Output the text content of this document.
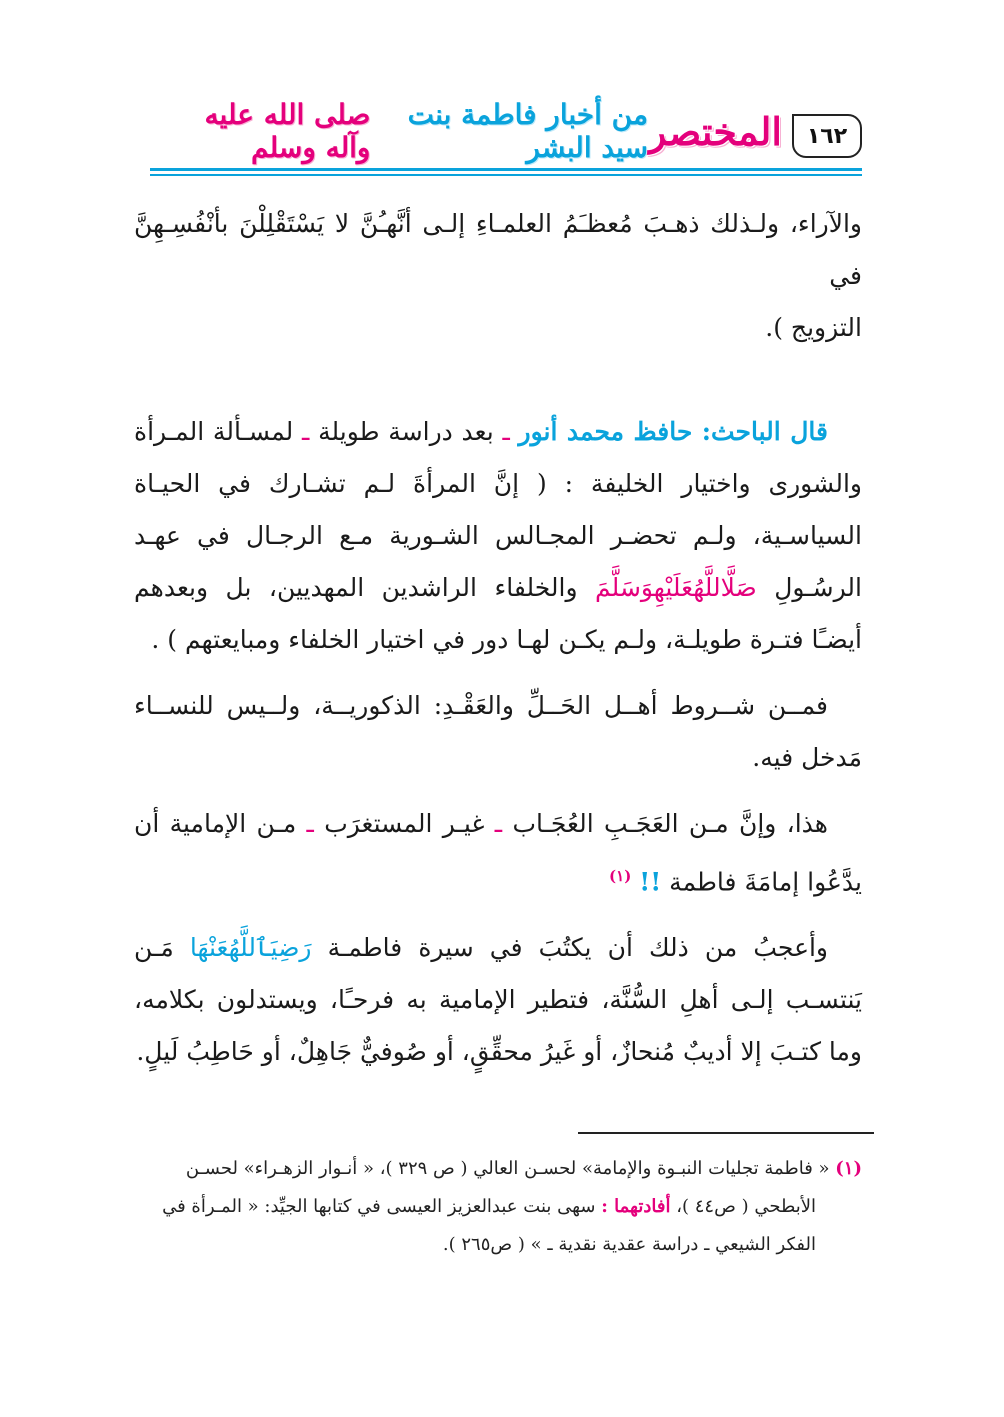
١٦٢
المختصر
من أخبار فاطمة بنت سيد البشر
صلى الله عليه وآله وسلم

والآراء، ولـذلك ذهـبَ مُعظـَمُ العلمـاءِ إلـى أنَّهـُنَّ لا يَسْتَقْلِلْنَ بأنْفُسِـهِنَّ في
التزويج ).

قال الباحث: حافظ محمد أنور ـ بعد دراسة طويلة ـ لمسـألة المـرأة والشورى واختيار الخليفة : ( إنَّ المرأةَ لـم تشـارك في الحيـاة السياسـية، ولـم تحضـر المجـالس الشـورية مـع الرجـال في عهـد الرسُـولِ صَلَّاللَّهُعَلَيْهِوَسَلَّمَ والخلفاء الراشدين المهديين، بل وبعدهم أيضـًا فتـرة طويلـة، ولـم يكـن لهـا دور في اختيار الخلفاء ومبايعتهم ) .

فمــن شــروط أهــل الحَــلِّ والعَقْـدِ: الذكوريــة، ولــيس للنســاء مَدخل فيه.

هذا، وإنَّ مـن العَجَـبِ العُجَـاب ـ غيـر المستغرَب ـ مـن الإمامية أن يدَّعُوا إمامَةَ فاطمة !! $^{(١)}$

وأعجبُ من ذلك أن يكتُبَ في سيرة فاطمـة رَضِيَٱللَّهُعَنْهَا مَـن يَنتسـب إلـى أهلِ السُّنَّة، فتطير الإمامية به فرحـًا، ويستدلون بكلامه، وما كتـبَ إلا أديبٌ مُنحازٌ، أو غَيرُ محقِّقٍ، أو صُوفيٌّ جَاهِلٌ، أو حَاطِبُ لَيلٍ.

(١) « فاطمة تجليات النبـوة والإمامة» لحسـن العالي ( ص ٣٢٩ )، « أنـوار الزهـراء» لحسـن
الأبطحي ( ص٤٤ )، أفادتهما : سهى بنت عبدالعزيز العيسى في كتابها الجيِّد: « المـرأة في
الفكر الشيعي ـ دراسة عقدية نقدية ـ » ( ص٢٦٥ ).
